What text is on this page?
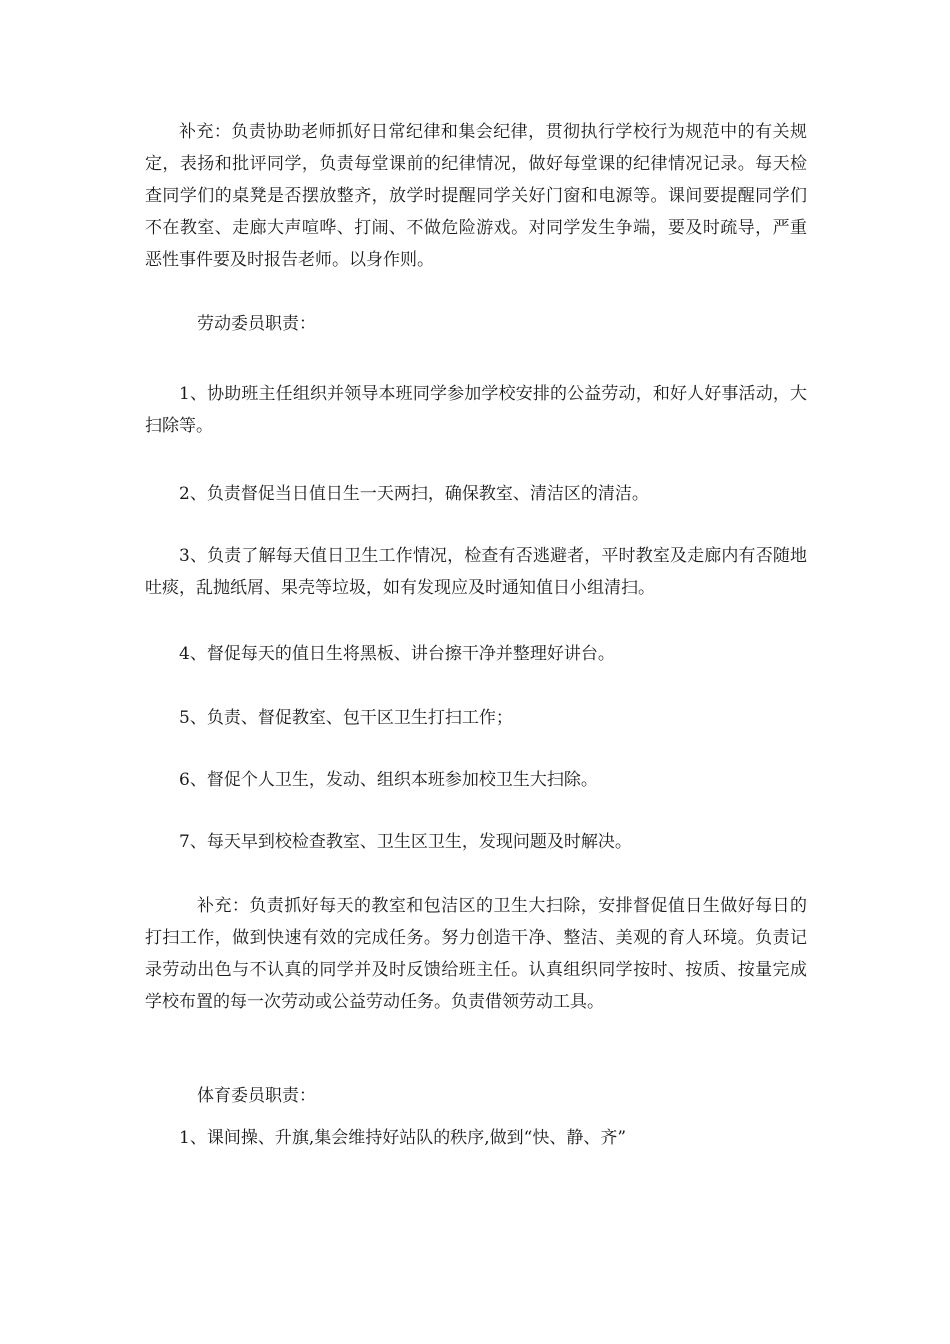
补充：负责协助老师抓好日常纪律和集会纪律，贯彻执行学校行为规范中的有关规定，表扬和批评同学，负责每堂课前的纪律情况，做好每堂课的纪律情况记录。每天检查同学们的桌凳是否摆放整齐，放学时提醒同学关好门窗和电源等。课间要提醒同学们不在教室、走廊大声喧哗、打闹、不做危险游戏。对同学发生争端，要及时疏导，严重恶性事件要及时报告老师。以身作则。

劳动委员职责：

1、协助班主任组织并领导本班同学参加学校安排的公益劳动，和好人好事活动，大扫除等。

2、负责督促当日值日生一天两扫，确保教室、清洁区的清洁。

3、负责了解每天值日卫生工作情况，检查有否逃避者，平时教室及走廊内有否随地吐痰，乱抛纸屑、果壳等垃圾，如有发现应及时通知值日小组清扫。

4、督促每天的值日生将黑板、讲台擦干净并整理好讲台。

5、负责、督促教室、包干区卫生打扫工作；

6、督促个人卫生，发动、组织本班参加校卫生大扫除。

7、每天早到校检查教室、卫生区卫生，发现问题及时解决。

补充：负责抓好每天的教室和包洁区的卫生大扫除，安排督促值日生做好每日的打扫工作，做到快速有效的完成任务。努力创造干净、整洁、美观的育人环境。负责记录劳动出色与不认真的同学并及时反馈给班主任。认真组织同学按时、按质、按量完成学校布置的每一次劳动或公益劳动任务。负责借领劳动工具。

体育委员职责：

1、课间操、升旗,集会维持好站队的秩序,做到“快、静、齐”
